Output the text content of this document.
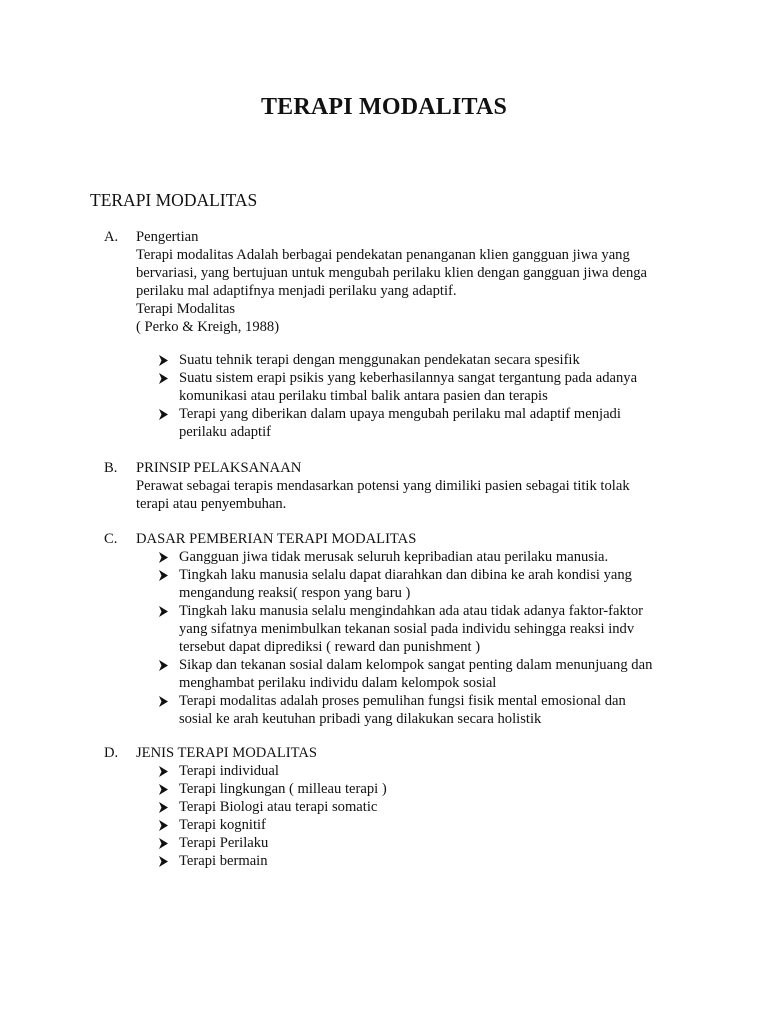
TERAPI MODALITAS
TERAPI MODALITAS
A.	Pengertian
Terapi modalitas Adalah berbagai pendekatan penanganan klien gangguan jiwa yang
bervariasi, yang bertujuan untuk mengubah perilaku klien dengan gangguan jiwa denga
perilaku mal adaptifnya menjadi perilaku yang adaptif.
Terapi Modalitas
( Perko & Kreigh, 1988)
Suatu tehnik terapi dengan menggunakan pendekatan secara spesifik
Suatu sistem erapi psikis yang keberhasilannya sangat tergantung pada adanya
komunikasi atau perilaku timbal balik antara pasien dan terapis
Terapi yang diberikan dalam upaya mengubah perilaku mal adaptif menjadi
perilaku adaptif
B.	PRINSIP PELAKSANAAN
Perawat sebagai terapis mendasarkan potensi yang dimiliki pasien sebagai titik tolak
terapi atau penyembuhan.
C.	DASAR PEMBERIAN TERAPI MODALITAS
Gangguan jiwa tidak merusak seluruh kepribadian atau perilaku manusia.
Tingkah laku manusia selalu dapat diarahkan dan dibina ke arah kondisi yang
mengandung reaksi( respon yang baru )
Tingkah laku manusia selalu mengindahkan ada atau tidak adanya faktor-faktor
yang sifatnya menimbulkan tekanan sosial pada individu sehingga reaksi indv
tersebut dapat diprediksi ( reward dan punishment )
Sikap dan tekanan sosial dalam kelompok sangat penting dalam menunjuang dan
menghambat perilaku individu dalam kelompok sosial
Terapi modalitas adalah proses pemulihan fungsi fisik mental emosional dan
sosial ke arah keutuhan pribadi yang dilakukan secara holistik
D.	JENIS TERAPI MODALITAS
Terapi individual
Terapi lingkungan ( milleau terapi )
Terapi Biologi atau terapi somatic
Terapi kognitif
Terapi Perilaku
Terapi bermain
